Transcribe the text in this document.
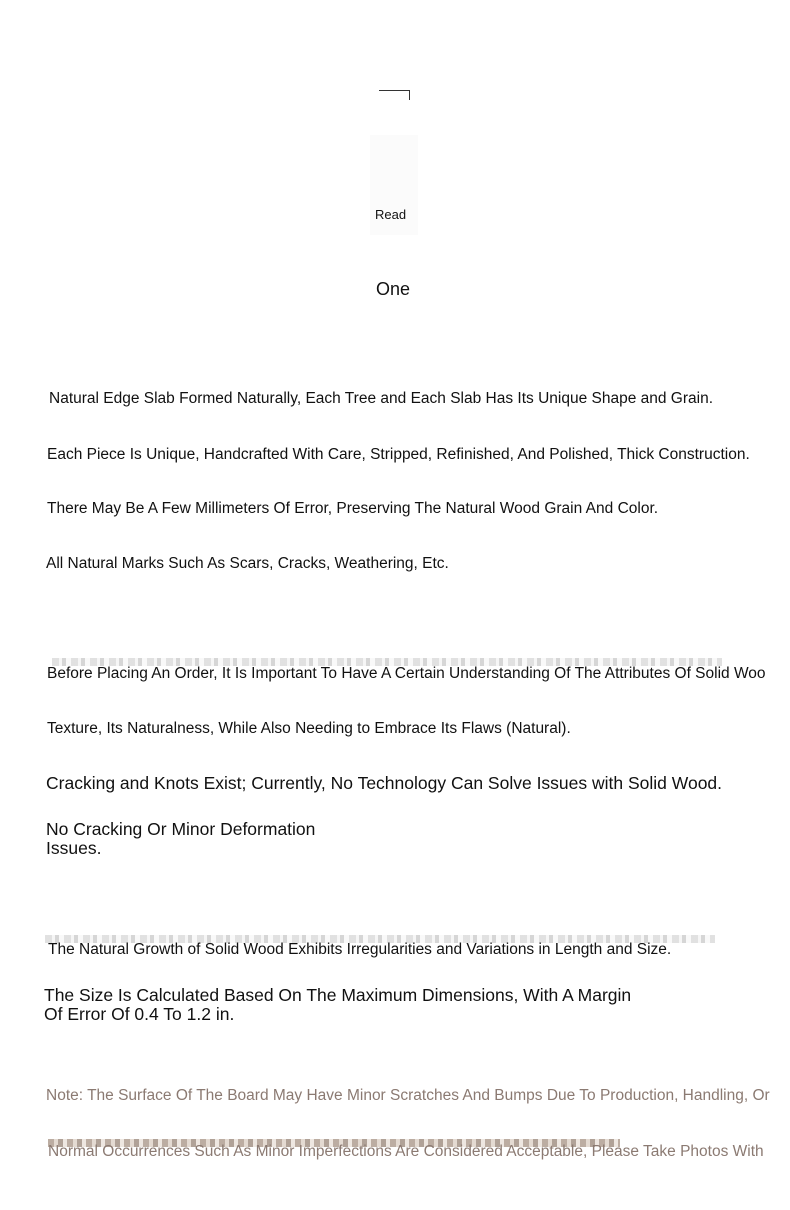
Read
One
Natural Edge Slab Formed Naturally, Each Tree and Each Slab Has Its Unique Shape and Grain.
Each Piece Is Unique, Handcrafted With Care, Stripped, Refinished, And Polished, Thick Construction.
There May Be A Few Millimeters Of Error, Preserving The Natural Wood Grain And Color.
All Natural Marks Such As Scars, Cracks, Weathering, Etc.
Before Placing An Order, It Is Important To Have A Certain Understanding Of The Attributes Of Solid Woo
Texture, Its Naturalness, While Also Needing to Embrace Its Flaws (Natural).
Cracking and Knots Exist; Currently, No Technology Can Solve Issues with Solid Wood.
No Cracking Or Minor Deformation Issues.
The Natural Growth of Solid Wood Exhibits Irregularities and Variations in Length and Size.
The Size Is Calculated Based On The Maximum Dimensions, With A Margin Of Error Of 0.4 To 1.2 in.
Note: The Surface Of The Board May Have Minor Scratches And Bumps Due To Production, Handling, Or
Normal Occurrences Such As Minor Imperfections Are Considered Acceptable, Please Take Photos With
